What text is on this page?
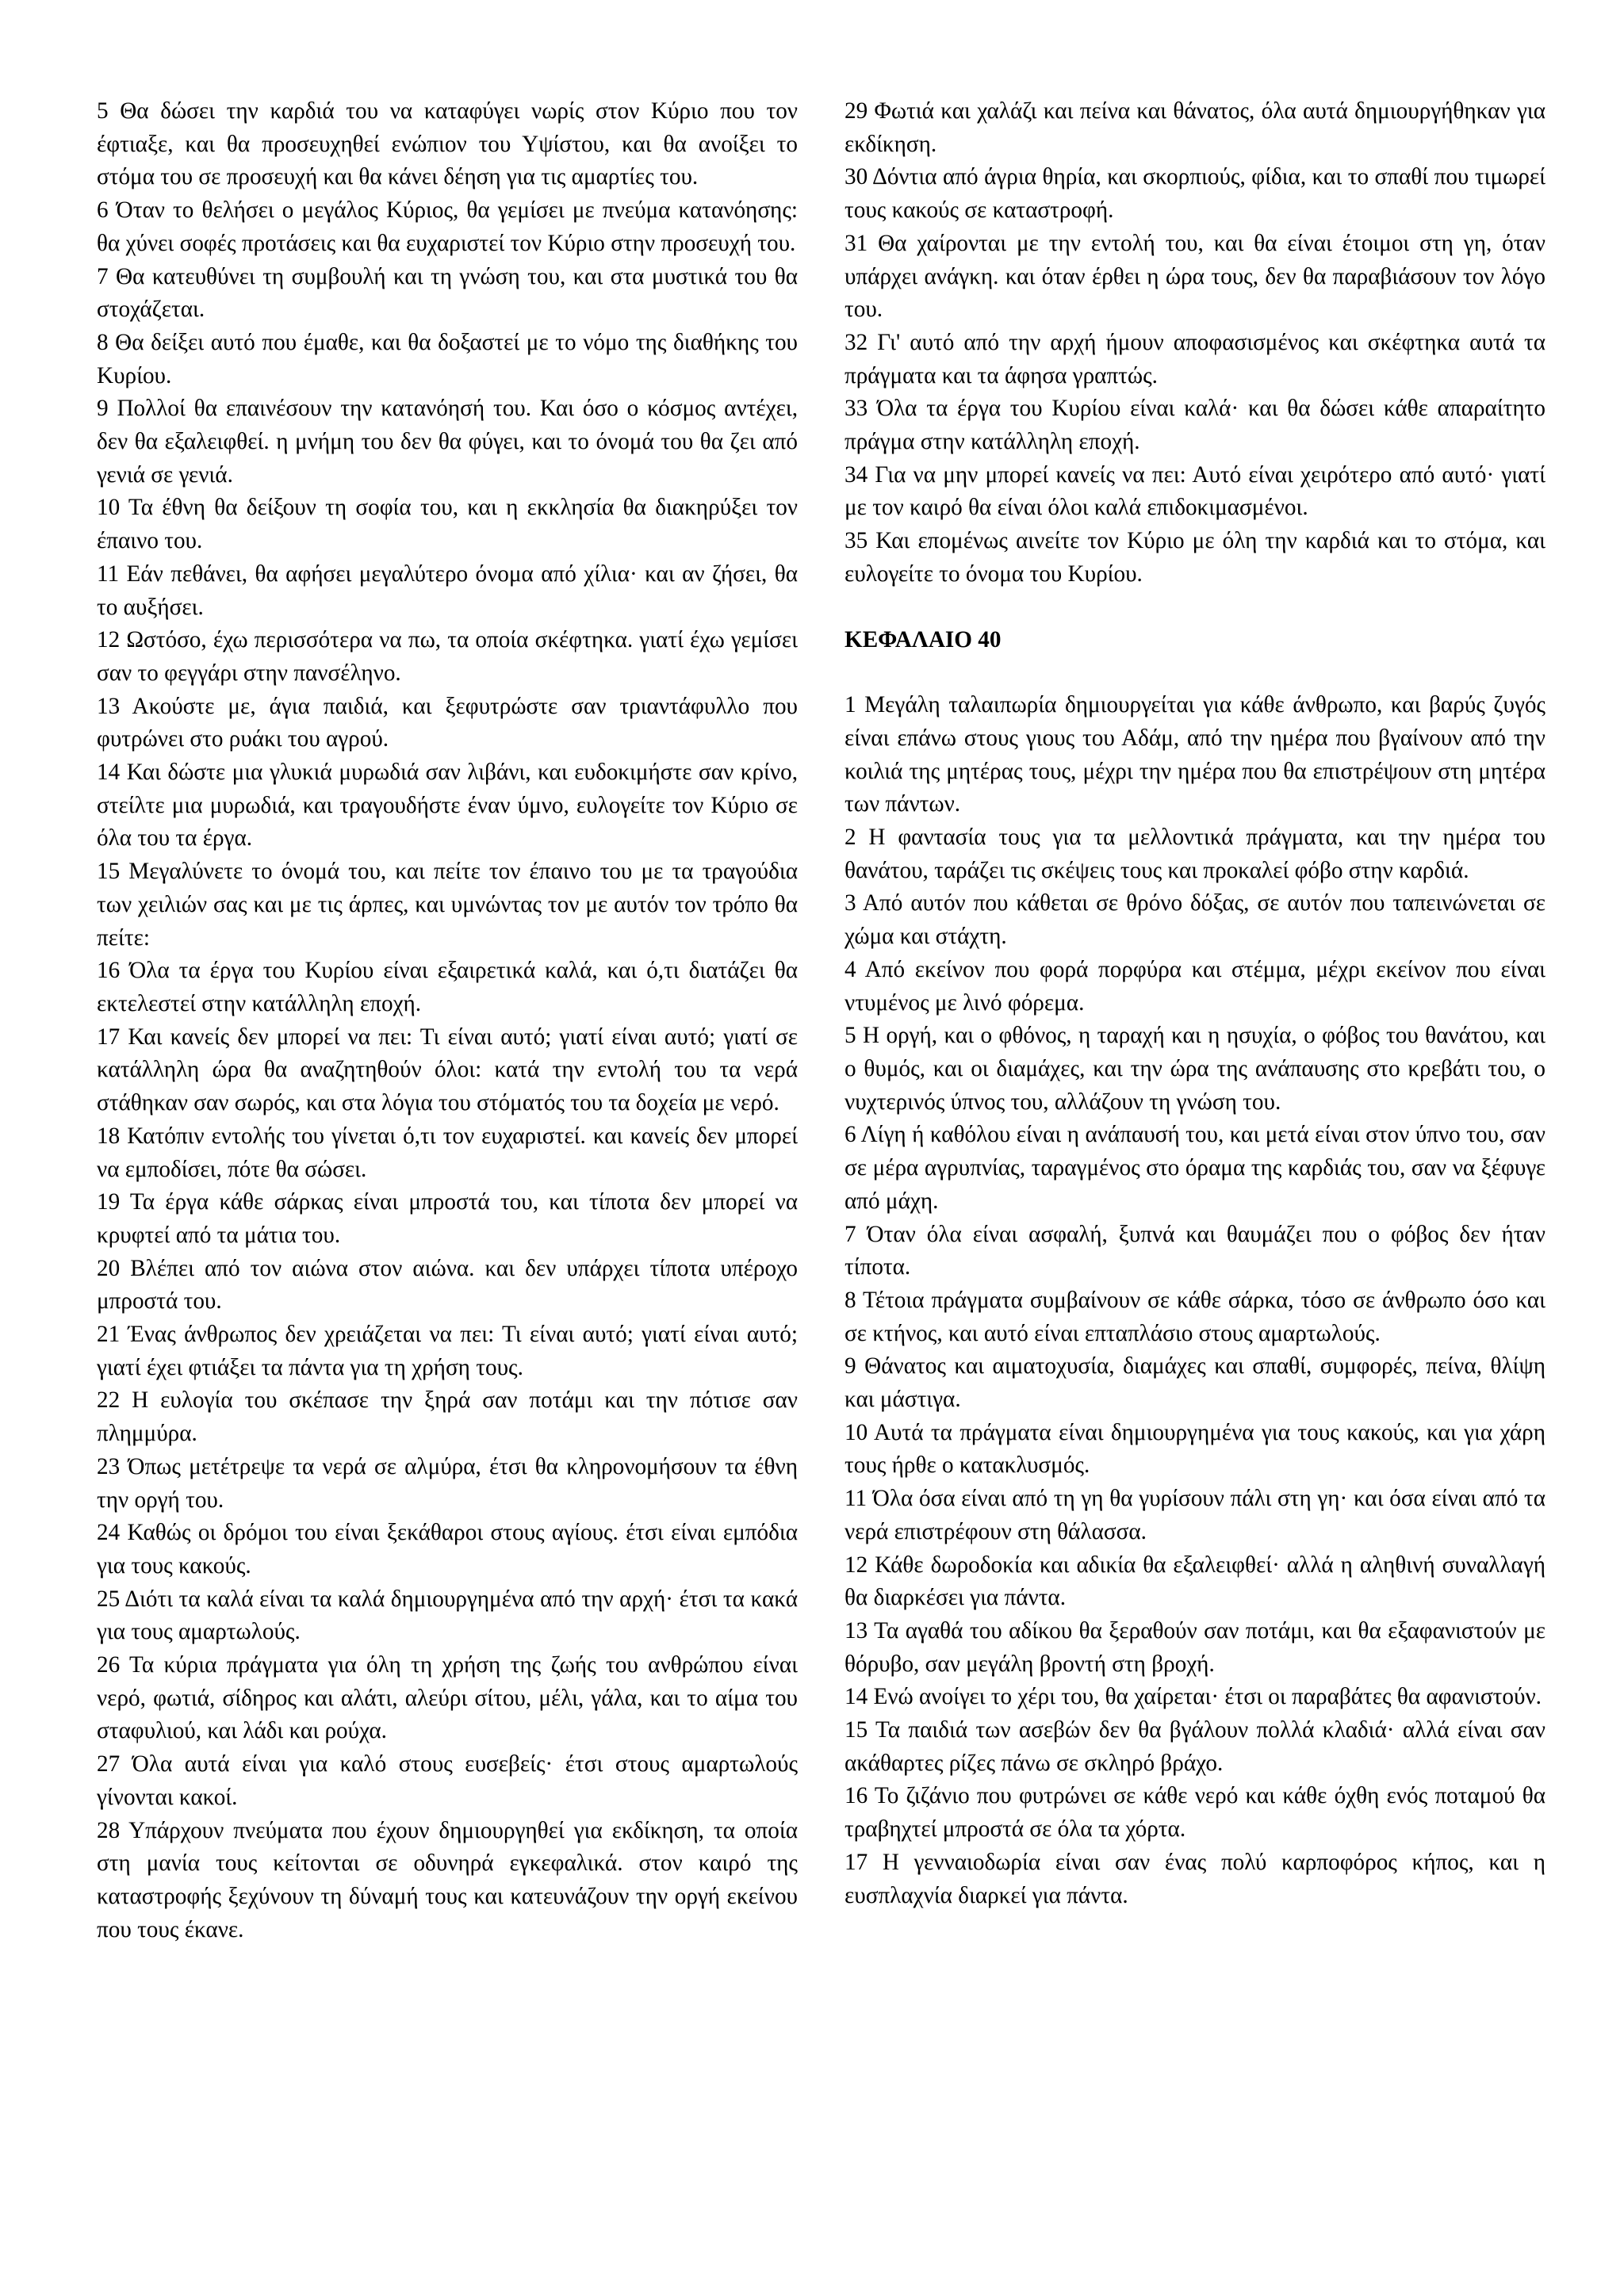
5 Θα δώσει την καρδιά του να καταφύγει νωρίς στον Κύριο που τον έφτιαξε, και θα προσευχηθεί ενώπιον του Υψίστου, και θα ανοίξει το στόμα του σε προσευχή και θα κάνει δέηση για τις αμαρτίες του.

6 Όταν το θελήσει ο μεγάλος Κύριος, θα γεμίσει με πνεύμα κατανόησης: θα χύνει σοφές προτάσεις και θα ευχαριστεί τον Κύριο στην προσευχή του.

7 Θα κατευθύνει τη συμβουλή και τη γνώση του, και στα μυστικά του θα στοχάζεται.

8 Θα δείξει αυτό που έμαθε, και θα δοξαστεί με το νόμο της διαθήκης του Κυρίου.

9 Πολλοί θα επαινέσουν την κατανόησή του. Και όσο ο κόσμος αντέχει, δεν θα εξαλειφθεί. η μνήμη του δεν θα φύγει, και το όνομά του θα ζει από γενιά σε γενιά.

10 Τα έθνη θα δείξουν τη σοφία του, και η εκκλησία θα διακηρύξει τον έπαινο του.

11 Εάν πεθάνει, θα αφήσει μεγαλύτερο όνομα από χίλια· και αν ζήσει, θα το αυξήσει.

12 Ωστόσο, έχω περισσότερα να πω, τα οποία σκέφτηκα. γιατί έχω γεμίσει σαν το φεγγάρι στην πανσέληνο.

13 Ακούστε με, άγια παιδιά, και ξεφυτρώστε σαν τριαντάφυλλο που φυτρώνει στο ρυάκι του αγρού.

14 Και δώστε μια γλυκιά μυρωδιά σαν λιβάνι, και ευδοκιμήστε σαν κρίνο, στείλτε μια μυρωδιά, και τραγουδήστε έναν ύμνο, ευλογείτε τον Κύριο σε όλα του τα έργα.

15 Μεγαλύνετε το όνομά του, και πείτε τον έπαινο του με τα τραγούδια των χειλιών σας και με τις άρπες, και υμνώντας τον με αυτόν τον τρόπο θα πείτε:

16 Όλα τα έργα του Κυρίου είναι εξαιρετικά καλά, και ό,τι διατάζει θα εκτελεστεί στην κατάλληλη εποχή.

17 Και κανείς δεν μπορεί να πει: Τι είναι αυτό; γιατί είναι αυτό; γιατί σε κατάλληλη ώρα θα αναζητηθούν όλοι: κατά την εντολή του τα νερά στάθηκαν σαν σωρός, και στα λόγια του στόματός του τα δοχεία με νερό.

18 Κατόπιν εντολής του γίνεται ό,τι τον ευχαριστεί. και κανείς δεν μπορεί να εμποδίσει, πότε θα σώσει.

19 Τα έργα κάθε σάρκας είναι μπροστά του, και τίποτα δεν μπορεί να κρυφτεί από τα μάτια του.

20 Βλέπει από τον αιώνα στον αιώνα. και δεν υπάρχει τίποτα υπέροχο μπροστά του.

21 Ένας άνθρωπος δεν χρειάζεται να πει: Τι είναι αυτό; γιατί είναι αυτό; γιατί έχει φτιάξει τα πάντα για τη χρήση τους.

22 Η ευλογία του σκέπασε την ξηρά σαν ποτάμι και την πότισε σαν πλημμύρα.

23 Όπως μετέτρεψε τα νερά σε αλμύρα, έτσι θα κληρονομήσουν τα έθνη την οργή του.

24 Καθώς οι δρόμοι του είναι ξεκάθαροι στους αγίους. έτσι είναι εμπόδια για τους κακούς.

25 Διότι τα καλά είναι τα καλά δημιουργημένα από την αρχή· έτσι τα κακά για τους αμαρτωλούς.

26 Τα κύρια πράγματα για όλη τη χρήση της ζωής του ανθρώπου είναι νερό, φωτιά, σίδηρος και αλάτι, αλεύρι σίτου, μέλι, γάλα, και το αίμα του σταφυλιού, και λάδι και ρούχα.

27 Όλα αυτά είναι για καλό στους ευσεβείς· έτσι στους αμαρτωλούς γίνονται κακοί.

28 Υπάρχουν πνεύματα που έχουν δημιουργηθεί για εκδίκηση, τα οποία στη μανία τους κείτονται σε οδυνηρά εγκεφαλικά. στον καιρό της καταστροφής ξεχύνουν τη δύναμή τους και κατευνάζουν την οργή εκείνου που τους έκανε.

29 Φωτιά και χαλάζι και πείνα και θάνατος, όλα αυτά δημιουργήθηκαν για εκδίκηση.

30 Δόντια από άγρια θηρία, και σκορπιούς, φίδια, και το σπαθί που τιμωρεί τους κακούς σε καταστροφή.

31 Θα χαίρονται με την εντολή του, και θα είναι έτοιμοι στη γη, όταν υπάρχει ανάγκη. και όταν έρθει η ώρα τους, δεν θα παραβιάσουν τον λόγο του.

32 Γι' αυτό από την αρχή ήμουν αποφασισμένος και σκέφτηκα αυτά τα πράγματα και τα άφησα γραπτώς.

33 Όλα τα έργα του Κυρίου είναι καλά· και θα δώσει κάθε απαραίτητο πράγμα στην κατάλληλη εποχή.

34 Για να μην μπορεί κανείς να πει: Αυτό είναι χειρότερο από αυτό· γιατί με τον καιρό θα είναι όλοι καλά επιδοκιμασμένοι.

35 Και επομένως αινείτε τον Κύριο με όλη την καρδιά και το στόμα, και ευλογείτε το όνομα του Κυρίου.

ΚΕΦΑΛΑΙΟ 40

1 Μεγάλη ταλαιπωρία δημιουργείται για κάθε άνθρωπο, και βαρύς ζυγός είναι επάνω στους γιους του Αδάμ, από την ημέρα που βγαίνουν από την κοιλιά της μητέρας τους, μέχρι την ημέρα που θα επιστρέψουν στη μητέρα των πάντων.

2 Η φαντασία τους για τα μελλοντικά πράγματα, και την ημέρα του θανάτου, ταράζει τις σκέψεις τους και προκαλεί φόβο στην καρδιά.

3 Από αυτόν που κάθεται σε θρόνο δόξας, σε αυτόν που ταπεινώνεται σε χώμα και στάχτη.

4 Από εκείνον που φορά πορφύρα και στέμμα, μέχρι εκείνον που είναι ντυμένος με λινό φόρεμα.

5 Η οργή, και ο φθόνος, η ταραχή και η ησυχία, ο φόβος του θανάτου, και ο θυμός, και οι διαμάχες, και την ώρα της ανάπαυσης στο κρεβάτι του, ο νυχτερινός ύπνος του, αλλάζουν τη γνώση του.

6 Λίγη ή καθόλου είναι η ανάπαυσή του, και μετά είναι στον ύπνο του, σαν σε μέρα αγρυπνίας, ταραγμένος στο όραμα της καρδιάς του, σαν να ξέφυγε από μάχη.

7 Όταν όλα είναι ασφαλή, ξυπνά και θαυμάζει που ο φόβος δεν ήταν τίποτα.

8 Τέτοια πράγματα συμβαίνουν σε κάθε σάρκα, τόσο σε άνθρωπο όσο και σε κτήνος, και αυτό είναι επταπλάσιο στους αμαρτωλούς.

9 Θάνατος και αιματοχυσία, διαμάχες και σπαθί, συμφορές, πείνα, θλίψη και μάστιγα.

10 Αυτά τα πράγματα είναι δημιουργημένα για τους κακούς, και για χάρη τους ήρθε ο κατακλυσμός.

11 Όλα όσα είναι από τη γη θα γυρίσουν πάλι στη γη· και όσα είναι από τα νερά επιστρέφουν στη θάλασσα.

12 Κάθε δωροδοκία και αδικία θα εξαλειφθεί· αλλά η αληθινή συναλλαγή θα διαρκέσει για πάντα.

13 Τα αγαθά του αδίκου θα ξεραθούν σαν ποτάμι, και θα εξαφανιστούν με θόρυβο, σαν μεγάλη βροντή στη βροχή.

14 Ενώ ανοίγει το χέρι του, θα χαίρεται· έτσι οι παραβάτες θα αφανιστούν.

15 Τα παιδιά των ασεβών δεν θα βγάλουν πολλά κλαδιά· αλλά είναι σαν ακάθαρτες ρίζες πάνω σε σκληρό βράχο.

16 Το ζιζάνιο που φυτρώνει σε κάθε νερό και κάθε όχθη ενός ποταμού θα τραβηχτεί μπροστά σε όλα τα χόρτα.

17 Η γενναιοδωρία είναι σαν ένας πολύ καρποφόρος κήπος, και η ευσπλαχνία διαρκεί για πάντα.
